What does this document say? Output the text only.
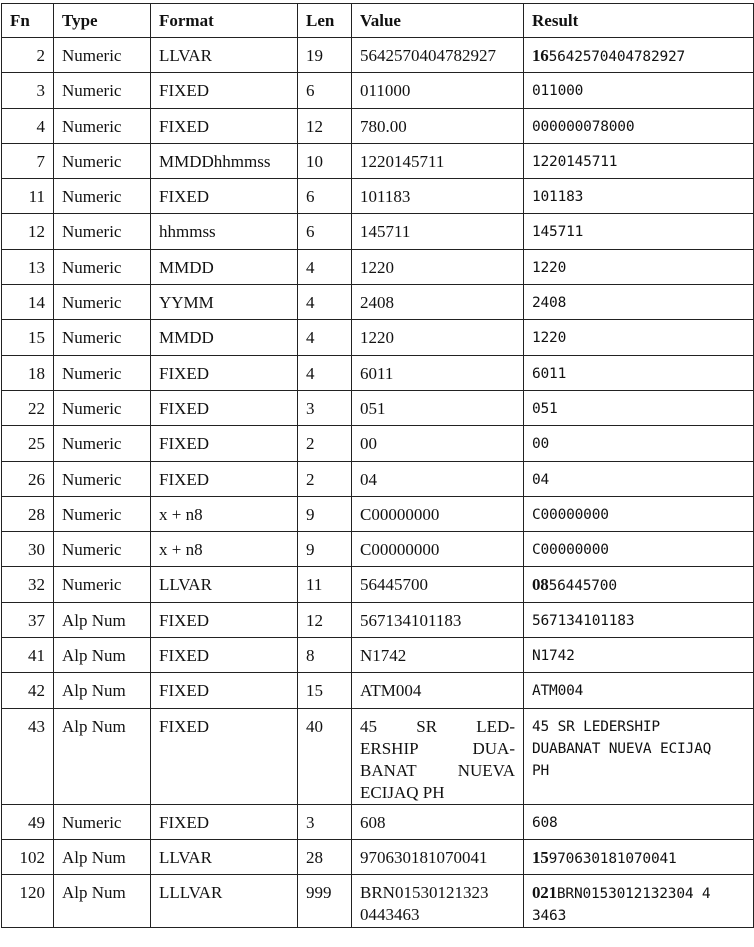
Fn	Type	Format	Len	Value	Result
2	Numeric	LLVAR	19	5642570404782927	165642570404782927
3	Numeric	FIXED	6	011000	011000
4	Numeric	FIXED	12	780.00	000000078000
7	Numeric	MMDDhhmmss	10	1220145711	1220145711
11	Numeric	FIXED	6	101183	101183
12	Numeric	hhmmss	6	145711	145711
13	Numeric	MMDD	4	1220	1220
14	Numeric	YYMM	4	2408	2408
15	Numeric	MMDD	4	1220	1220
18	Numeric	FIXED	4	6011	6011
22	Numeric	FIXED	3	051	051
25	Numeric	FIXED	2	00	00
26	Numeric	FIXED	2	04	04
28	Numeric	x + n8	9	C00000000	C00000000
30	Numeric	x + n8	9	C00000000	C00000000
32	Numeric	LLVAR	11	56445700	0856445700
37	Alp Num	FIXED	12	567134101183	567134101183
41	Alp Num	FIXED	8	N1742	N1742
42	Alp Num	FIXED	15	ATM004	ATM004
43	Alp Num	FIXED	40	45 SR LED-
ERSHIP DUA-
BANAT NUEVA
ECIJAQ PH	45 SR LEDERSHIP
DUABANAT NUEVA ECIJAQ
PH
49	Numeric	FIXED	3	608	608
102	Alp Num	LLVAR	28	970630181070041	15970630181070041
120	Alp Num	LLLVAR	999	BRN01530121323
0443463	021BRN0153012132304 4
3463
